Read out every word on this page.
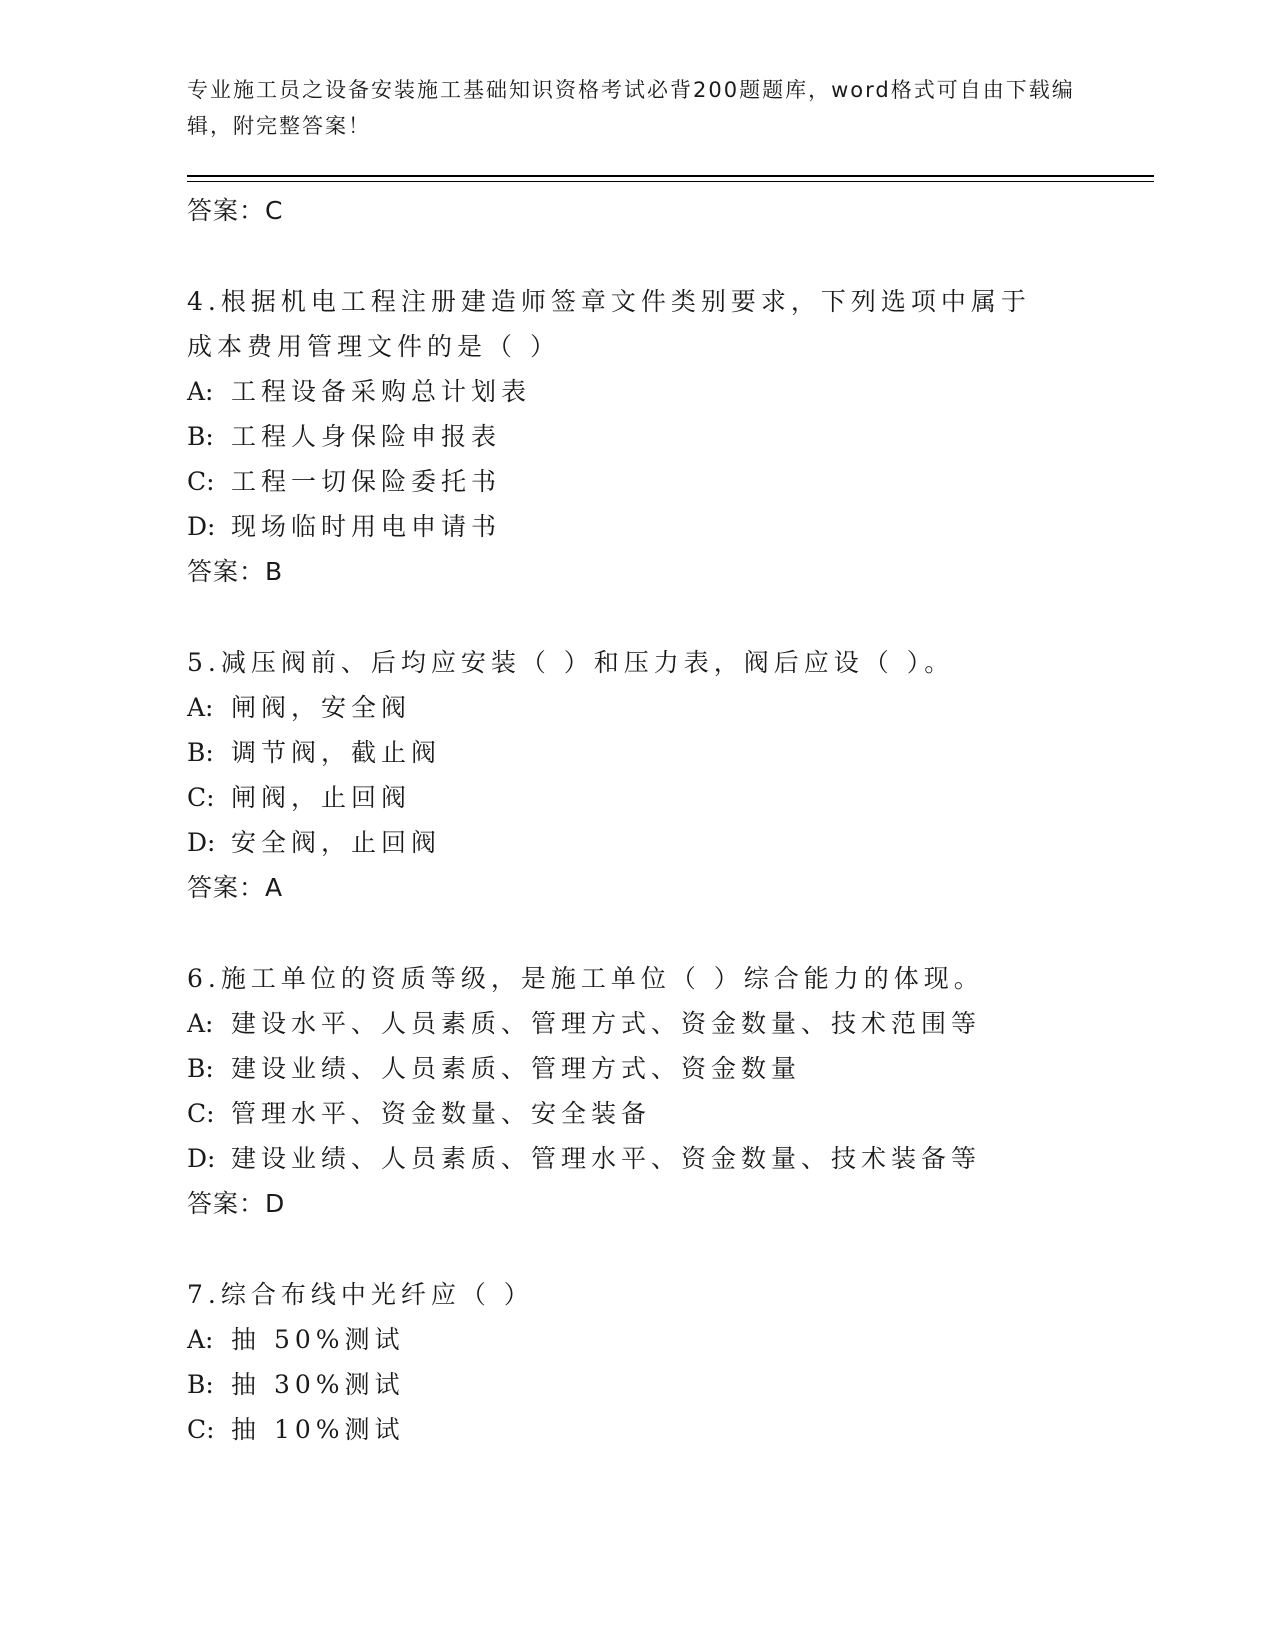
专业施工员之设备安装施工基础知识资格考试必背200题题库，word格式可自由下载编辑，附完整答案！
答案：C
4.根据机电工程注册建造师签章文件类别要求，下列选项中属于成本费用管理文件的是（ ）
A: 工程设备采购总计划表
B: 工程人身保险申报表
C: 工程一切保险委托书
D: 现场临时用电申请书
答案：B
5.减压阀前、后均应安装（ ）和压力表，阀后应设（ ）。
A: 闸阀，安全阀
B: 调节阀，截止阀
C: 闸阀，止回阀
D: 安全阀，止回阀
答案：A
6.施工单位的资质等级，是施工单位（ ）综合能力的体现。
A: 建设水平、人员素质、管理方式、资金数量、技术范围等
B: 建设业绩、人员素质、管理方式、资金数量
C: 管理水平、资金数量、安全装备
D: 建设业绩、人员素质、管理水平、资金数量、技术装备等
答案：D
7.综合布线中光纤应（ ）
A: 抽 50%测试
B: 抽 30%测试
C: 抽 10%测试
